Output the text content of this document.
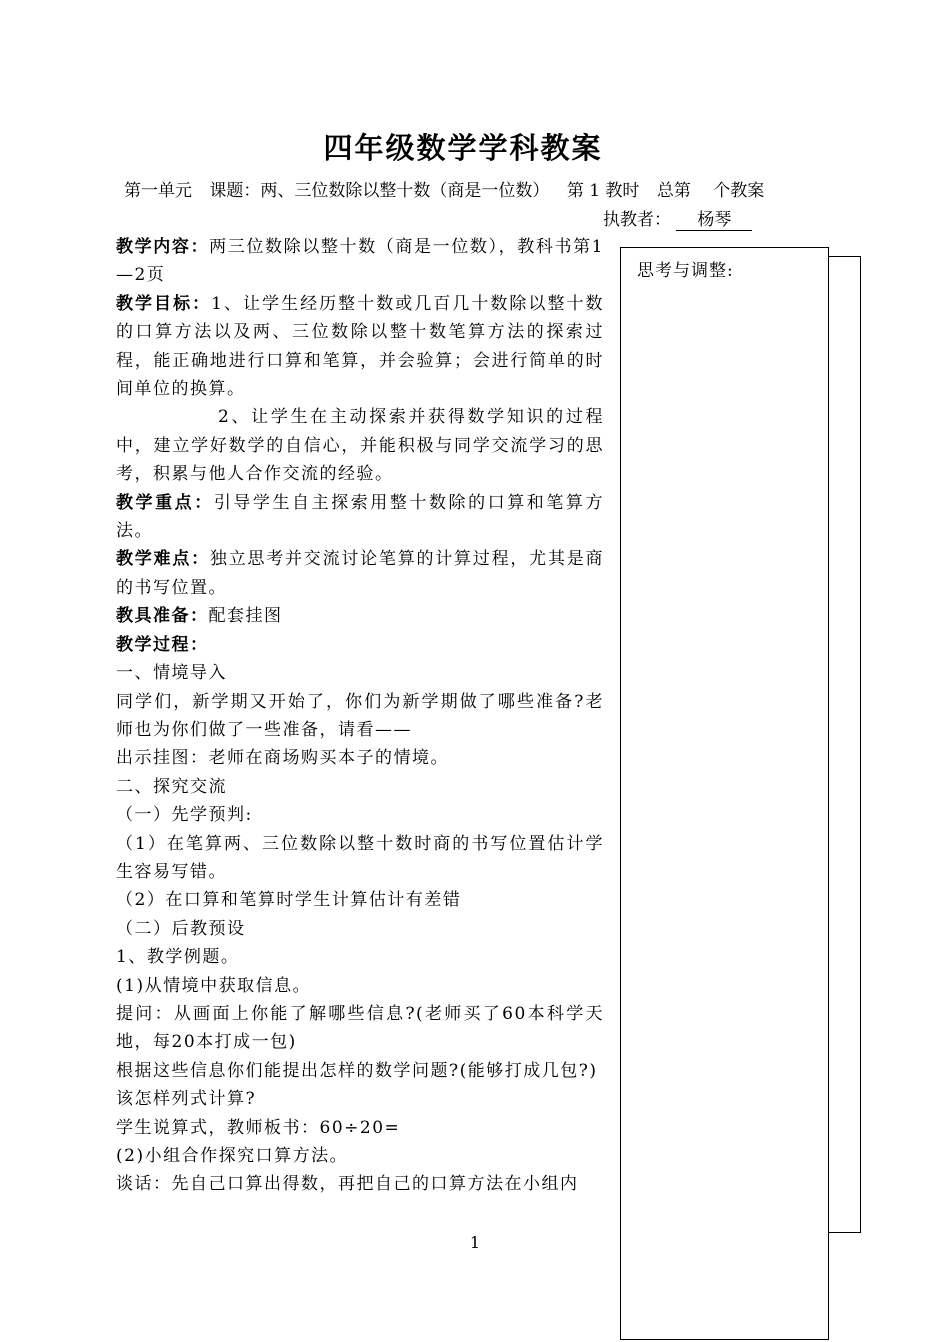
四年级数学学科教案
第一单元 课题：两、三位数除以整十数（商是一位数） 第 1 教时 总第　 个教案
执教者： 杨琴

教学内容：两三位数除以整十数（商是一位数），教科书第1—2页

教学目标：1、让学生经历整十数或几百几十数除以整十数的口算方法以及两、三位数除以整十数笔算方法的探索过程，能正确地进行口算和笔算，并会验算；会进行简单的时间单位的换算。

2、让学生在主动探索并获得数学知识的过程中，建立学好数学的自信心，并能积极与同学交流学习的思考，积累与他人合作交流的经验。

教学重点：引导学生自主探索用整十数除的口算和笔算方法。

教学难点：独立思考并交流讨论笔算的计算过程，尤其是商的书写位置。

教具准备：配套挂图

教学过程：

一、情境导入

同学们，新学期又开始了，你们为新学期做了哪些准备?老师也为你们做了一些准备，请看——

出示挂图：老师在商场购买本子的情境。

二、探究交流

（一）先学预判:

（1）在笔算两、三位数除以整十数时商的书写位置估计学生容易写错。

（2）在口算和笔算时学生计算估计有差错

（二）后教预设

1、教学例题。

(1)从情境中获取信息。

提问：从画面上你能了解哪些信息?(老师买了60本科学天地，每20本打成一包)

根据这些信息你们能提出怎样的数学问题?(能够打成几包?)

该怎样列式计算?

学生说算式，教师板书：60÷20=

(2)小组合作探究口算方法。

谈话：先自己口算出得数，再把自己的口算方法在小组内

思考与调整:
1
